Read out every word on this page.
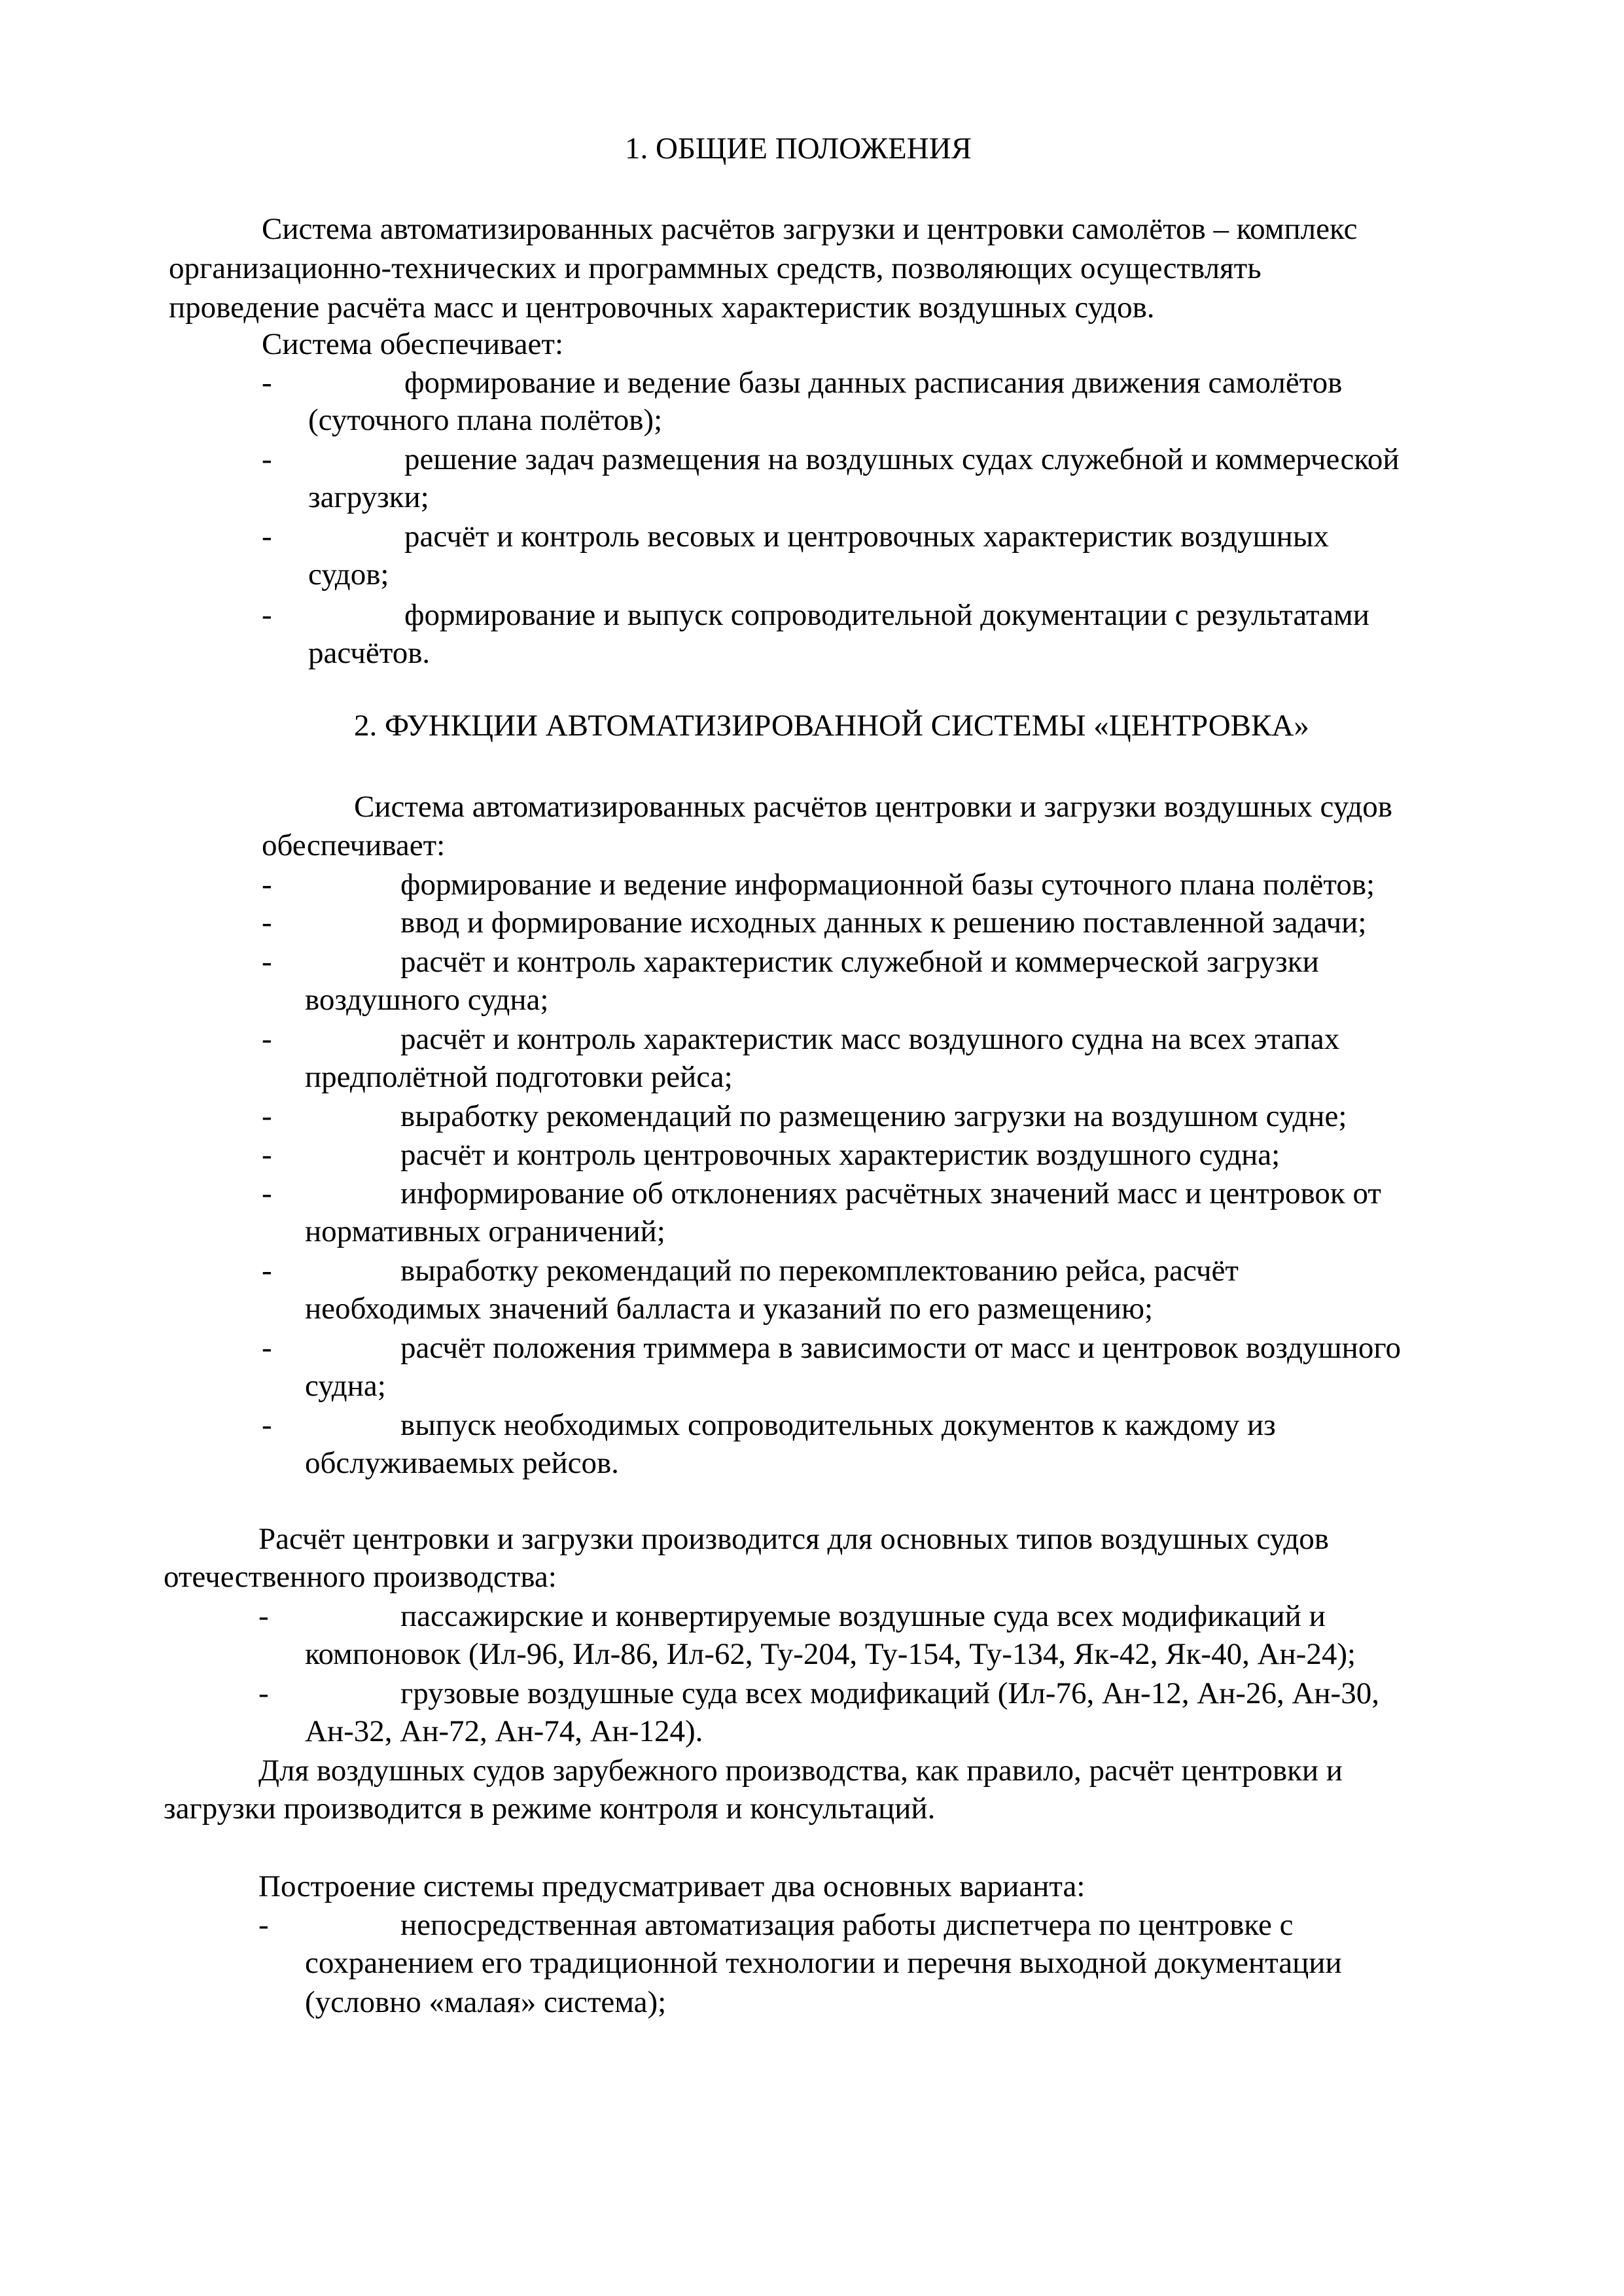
1. ОБЩИЕ ПОЛОЖЕНИЯ
Система автоматизированных расчётов загрузки и центровки самолётов – комплекс
организационно-технических и программных средств, позволяющих осуществлять
проведение расчёта масс и центровочных характеристик воздушных судов.
Система обеспечивает:
-	формирование и ведение базы данных расписания движения самолётов
(суточного плана полётов);
-	решение задач размещения на воздушных судах служебной и коммерческой
загрузки;
-	расчёт и контроль весовых и центровочных характеристик воздушных
судов;
-	формирование и выпуск сопроводительной документации с результатами
расчётов.
2. ФУНКЦИИ АВТОМАТИЗИРОВАННОЙ СИСТЕМЫ «ЦЕНТРОВКА»
Система автоматизированных расчётов центровки и загрузки воздушных судов
обеспечивает:
-	формирование и ведение информационной базы суточного плана полётов;
-	ввод и формирование исходных данных к решению поставленной задачи;
-	расчёт и контроль характеристик служебной и коммерческой загрузки
воздушного судна;
-	расчёт и контроль характеристик масс воздушного судна на всех этапах
предполётной подготовки рейса;
-	выработку рекомендаций по размещению загрузки на воздушном судне;
-	расчёт и контроль центровочных характеристик воздушного судна;
-	информирование об отклонениях расчётных значений масс и центровок от
нормативных ограничений;
-	выработку рекомендаций по перекомплектованию рейса, расчёт
необходимых значений балласта и указаний по его размещению;
-	расчёт положения триммера в зависимости от масс и центровок воздушного
судна;
-	выпуск необходимых сопроводительных документов к каждому из
обслуживаемых рейсов.
Расчёт центровки и загрузки производится для основных типов воздушных судов
отечественного производства:
-	пассажирские и конвертируемые воздушные суда всех модификаций и
компоновок (Ил-96, Ил-86, Ил-62, Ту-204, Ту-154, Ту-134, Як-42, Як-40, Ан-24);
-	грузовые воздушные суда всех модификаций (Ил-76, Ан-12, Ан-26, Ан-30,
Ан-32, Ан-72, Ан-74, Ан-124).
Для воздушных судов зарубежного производства, как правило, расчёт центровки и
загрузки производится в режиме контроля и консультаций.
Построение системы предусматривает два основных варианта:
-	непосредственная автоматизация работы диспетчера по центровке с
сохранением его традиционной технологии и перечня выходной документации
(условно «малая» система);
